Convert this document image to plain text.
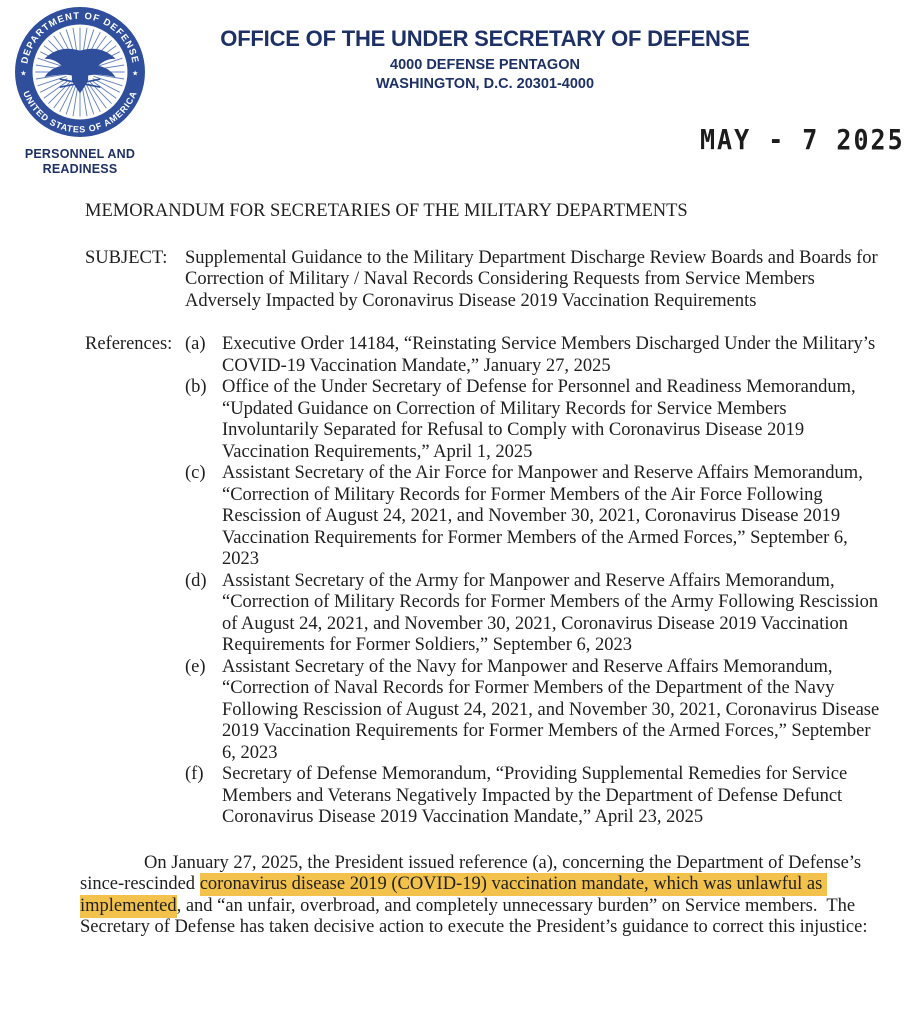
DEPARTMENT OF DEFENSE
UNITED STATES OF AMERICA
★	★
PERSONNEL AND READINESS
OFFICE OF THE UNDER SECRETARY OF DEFENSE
4000 DEFENSE PENTAGON
WASHINGTON, D.C. 20301-4000
MAY - 7 2025

MEMORANDUM FOR SECRETARIES OF THE MILITARY DEPARTMENTS

SUBJECT: Supplemental Guidance to the Military Department Discharge Review Boards and Boards for Correction of Military / Naval Records Considering Requests from Service Members Adversely Impacted by Coronavirus Disease 2019 Vaccination Requirements
References: (a) Executive Order 14184, “Reinstating Service Members Discharged Under the Military’s COVID-19 Vaccination Mandate,” January 27, 2025
(b) Office of the Under Secretary of Defense for Personnel and Readiness Memorandum, “Updated Guidance on Correction of Military Records for Service Members Involuntarily Separated for Refusal to Comply with Coronavirus Disease 2019 Vaccination Requirements,” April 1, 2025
(c) Assistant Secretary of the Air Force for Manpower and Reserve Affairs Memorandum, “Correction of Military Records for Former Members of the Air Force Following Rescission of August 24, 2021, and November 30, 2021, Coronavirus Disease 2019 Vaccination Requirements for Former Members of the Armed Forces,” September 6, 2023
(d) Assistant Secretary of the Army for Manpower and Reserve Affairs Memorandum, “Correction of Military Records for Former Members of the Army Following Rescission of August 24, 2021, and November 30, 2021, Coronavirus Disease 2019 Vaccination Requirements for Former Soldiers,” September 6, 2023
(e) Assistant Secretary of the Navy for Manpower and Reserve Affairs Memorandum, “Correction of Naval Records for Former Members of the Department of the Navy Following Rescission of August 24, 2021, and November 30, 2021, Coronavirus Disease 2019 Vaccination Requirements for Former Members of the Armed Forces,” September 6, 2023
(f)	Secretary of Defense Memorandum, “Providing Supplemental Remedies for Service Members and Veterans Negatively Impacted by the Department of Defense Defunct Coronavirus Disease 2019 Vaccination Mandate,” April 23, 2025

On January 27, 2025, the President issued reference (a), concerning the Department of Defense’s since-rescinded coronavirus disease 2019 (COVID-19) vaccination mandate, which was unlawful as implemented, and “an unfair, overbroad, and completely unnecessary burden” on Service members.  The Secretary of Defense has taken decisive action to execute the President’s guidance to correct this injustice:
